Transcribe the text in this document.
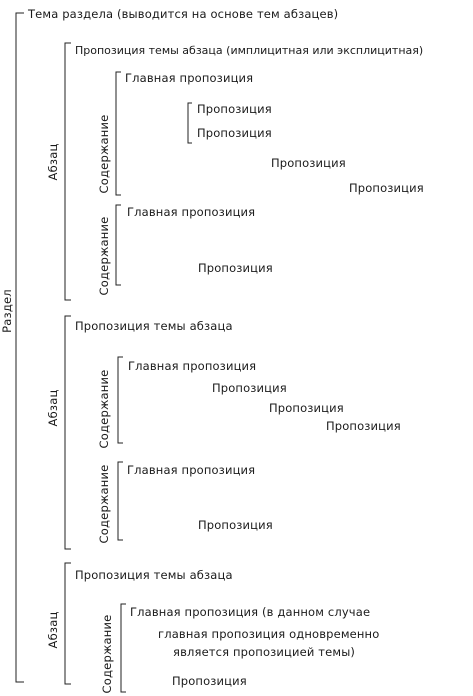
Раздел
Абзац
Абзац
Абзац
Содержание
Содержание
Содержание
Содержание
Содержание
Тема раздела (выводится на основе тем абзацев)
Пропозиция темы абзаца (имплицитная или эксплицитная)
Главная пропозиция
Пропозиция
Пропозиция
Пропозиция
Пропозиция
Главная пропозиция
Пропозиция
Пропозиция темы абзаца
Главная пропозиция
Пропозиция
Пропозиция
Пропозиция
Главная пропозиция
Пропозиция
Пропозиция темы абзаца
Главная пропозиция (в данном случае
главная пропозиция одновременно
является пропозицией темы)
Пропозиция
